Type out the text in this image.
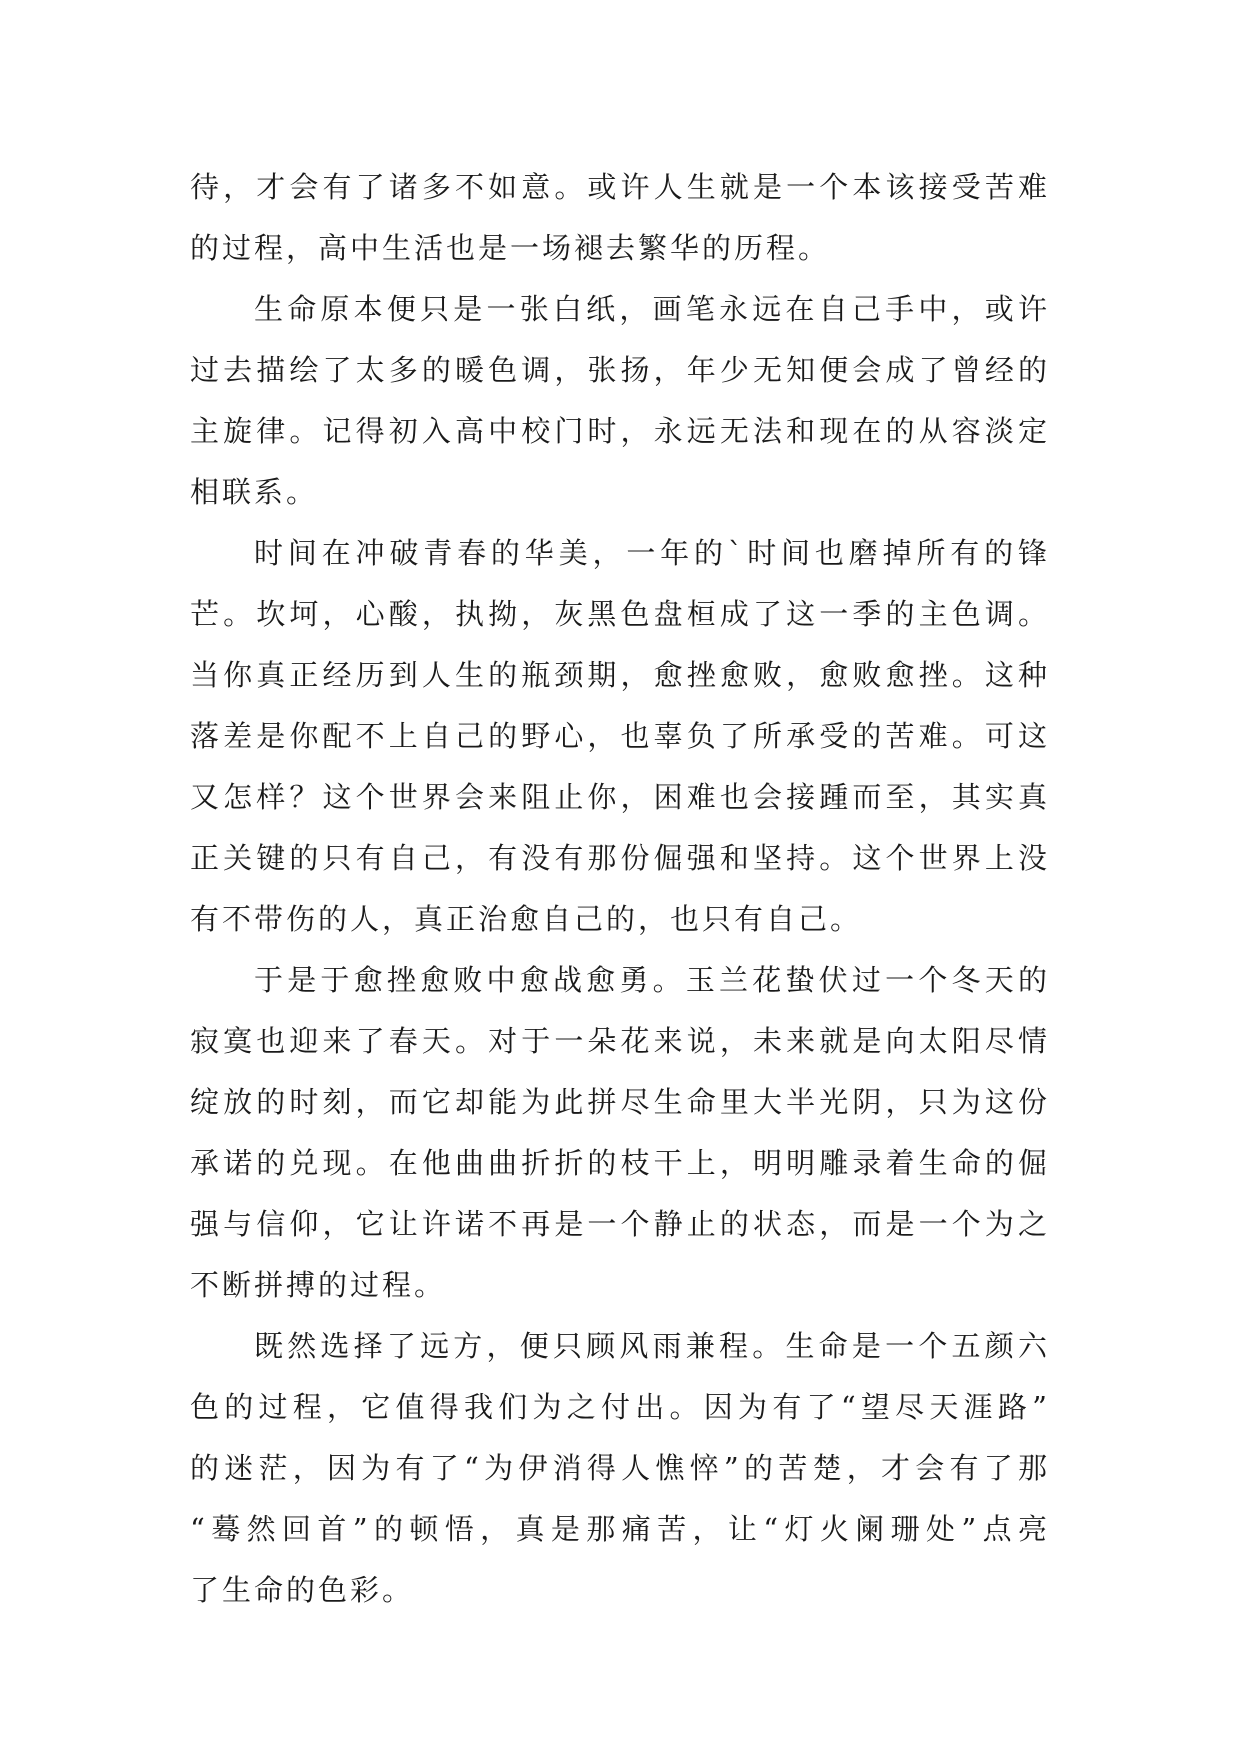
待，才会有了诸多不如意。或许人生就是一个本该接受苦难
的过程，高中生活也是一场褪去繁华的历程。
生命原本便只是一张白纸，画笔永远在自己手中，或许
过去描绘了太多的暖色调，张扬，年少无知便会成了曾经的
主旋律。记得初入高中校门时，永远无法和现在的从容淡定
相联系。
时间在冲破青春的华美，一年的`时间也磨掉所有的锋
芒。坎坷，心酸，执拗，灰黑色盘桓成了这一季的主色调。
当你真正经历到人生的瓶颈期，愈挫愈败，愈败愈挫。这种
落差是你配不上自己的野心，也辜负了所承受的苦难。可这
又怎样？这个世界会来阻止你，困难也会接踵而至，其实真
正关键的只有自己，有没有那份倔强和坚持。这个世界上没
有不带伤的人，真正治愈自己的，也只有自己。
于是于愈挫愈败中愈战愈勇。玉兰花蛰伏过一个冬天的
寂寞也迎来了春天。对于一朵花来说，未来就是向太阳尽情
绽放的时刻，而它却能为此拼尽生命里大半光阴，只为这份
承诺的兑现。在他曲曲折折的枝干上，明明雕录着生命的倔
强与信仰，它让许诺不再是一个静止的状态，而是一个为之
不断拼搏的过程。
既然选择了远方，便只顾风雨兼程。生命是一个五颜六
色的过程，它值得我们为之付出。因为有了“望尽天涯路”
的迷茫，因为有了“为伊消得人憔悴”的苦楚，才会有了那
“蓦然回首”的顿悟，真是那痛苦，让“灯火阑珊处”点亮
了生命的色彩。
